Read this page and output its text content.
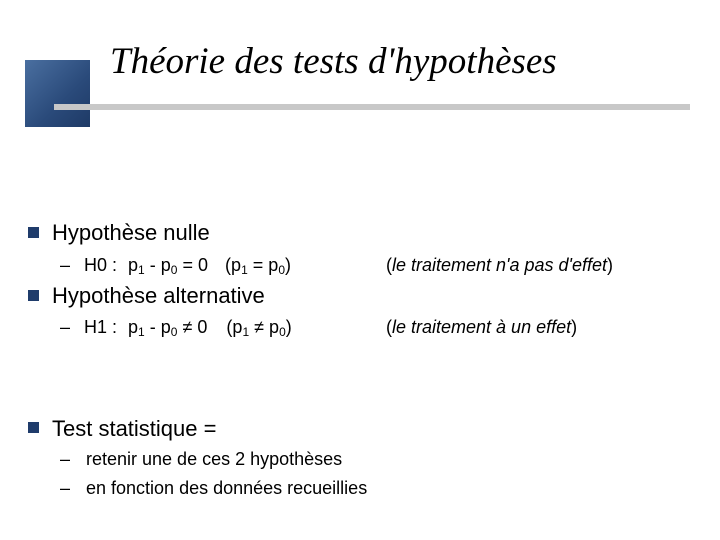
Théorie des tests d'hypothèses
Hypothèse nulle
– H0 : $p_1 - p_0 = 0$ $(p_1 = p_0)$	(le traitement n'a pas d'effet)
Hypothèse alternative
– H1 : $p_1 - p_0 \ne 0$ $(p_1 \ne p_0)$	(le traitement à un effet)
Test statistique =
– retenir une de ces 2 hypothèses
– en fonction des données recueillies
